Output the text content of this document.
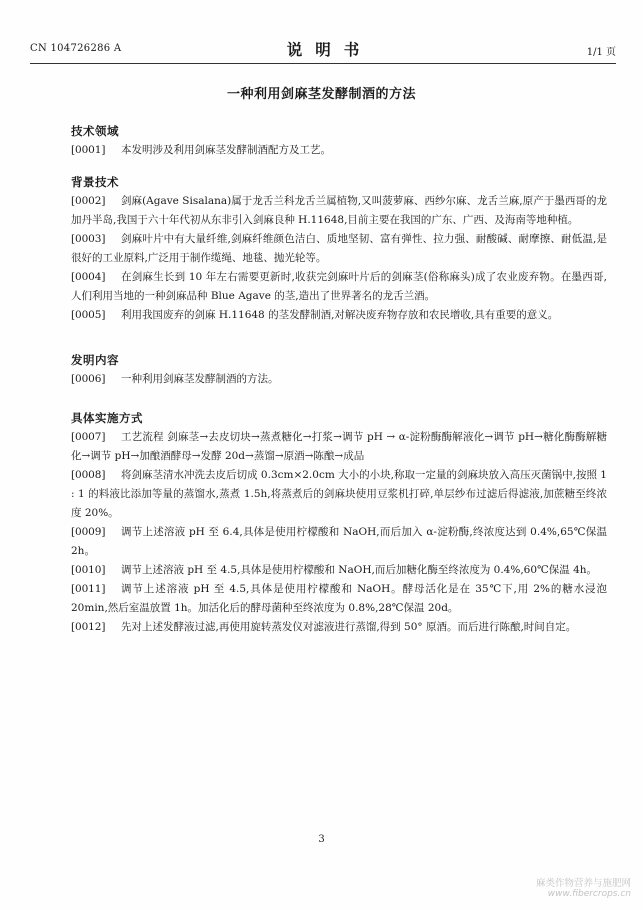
CN 104726286 A	说明书	1/1 页
一种利用剑麻茎发酵制酒的方法
技术领域
[0001] 本发明涉及利用剑麻茎发酵制酒配方及工艺。
背景技术
[0002] 剑麻(Agave Sisalana)属于龙舌兰科龙舌兰属植物,又叫菠萝麻、西纱尔麻、龙舌兰麻,原产于墨西哥的龙加丹半岛,我国于六十年代初从东非引入剑麻良种 H.11648,目前主要在我国的广东、广西、及海南等地种植。
[0003] 剑麻叶片中有大量纤维,剑麻纤维颜色洁白、质地坚韧、富有弹性、拉力强、耐酸碱、耐摩擦、耐低温,是很好的工业原料,广泛用于制作缆绳、地毯、抛光轮等。
[0004] 在剑麻生长到 10 年左右需要更新时,收获完剑麻叶片后的剑麻茎(俗称麻头)成了农业废弃物。在墨西哥,人们利用当地的一种剑麻品种 Blue Agave 的茎,造出了世界著名的龙舌兰酒。
[0005] 利用我国废弃的剑麻 H.11648 的茎发酵制酒,对解决废弃物存放和农民增收,具有重要的意义。
发明内容
[0006] 一种利用剑麻茎发酵制酒的方法。
具体实施方式
[0007] 工艺流程 剑麻茎→去皮切块→蒸煮糖化→打浆→调节 pH → α-淀粉酶酶解液化→调节 pH→糖化酶酶解糖化→调节 pH→加酿酒酵母→发酵 20d→蒸馏→原酒→陈酿→成品
[0008] 将剑麻茎清水冲洗去皮后切成 0.3cm×2.0cm 大小的小块,称取一定量的剑麻块放入高压灭菌锅中,按照 1 : 1 的料液比添加等量的蒸馏水,蒸煮 1.5h,将蒸煮后的剑麻块使用豆浆机打碎,单层纱布过滤后得滤液,加蔗糖至终浓度 20%。
[0009] 调节上述溶液 pH 至 6.4,具体是使用柠檬酸和 NaOH,而后加入 α-淀粉酶,终浓度达到 0.4%,65℃保温 2h。
[0010] 调节上述溶液 pH 至 4.5,具体是使用柠檬酸和 NaOH,而后加糖化酶至终浓度为 0.4%,60℃保温 4h。
[0011] 调节上述溶液 pH 至 4.5,具体是使用柠檬酸和 NaOH。酵母活化是在 35℃下,用 2%的糖水浸泡 20min,然后室温放置 1h。加活化后的酵母菌种至终浓度为 0.8%,28℃保温 20d。
[0012] 先对上述发酵液过滤,再使用旋转蒸发仪对滤液进行蒸馏,得到 50° 原酒。而后进行陈酿,时间自定。
3
麻类作物营养与施肥网
www.fibercrops.cn
